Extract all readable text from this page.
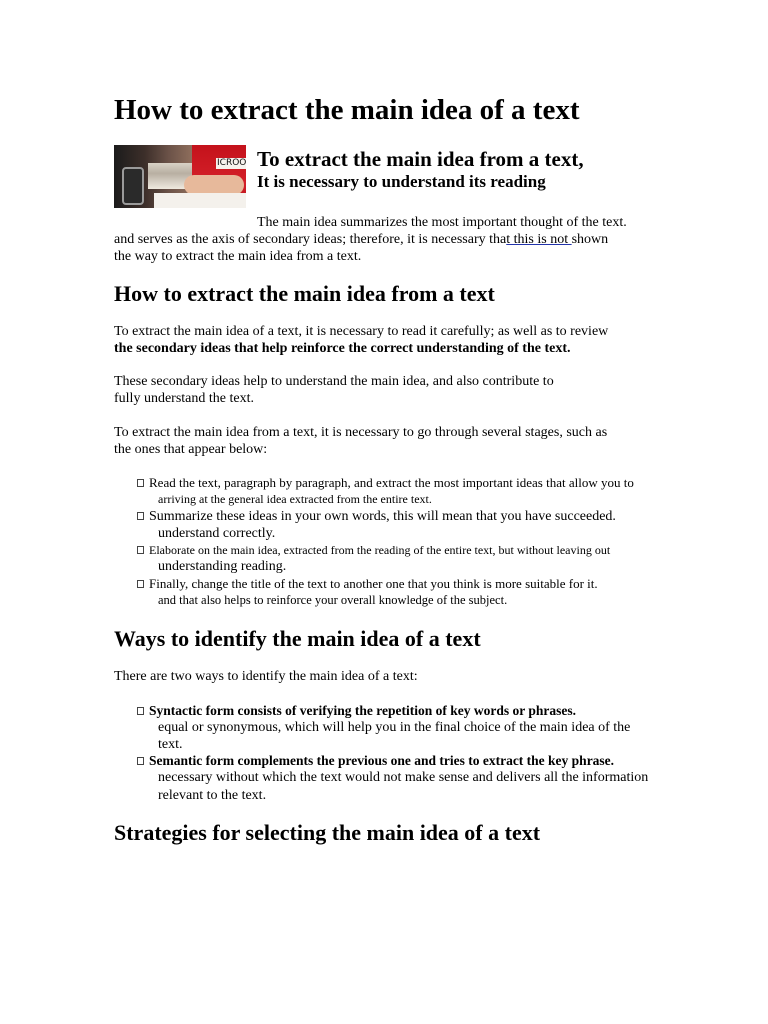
How to extract the main idea of a text
ICROO To extract the main idea from a text,
It is necessary to understand its reading
The main idea summarizes the most important thought of the text.
and serves as the axis of secondary ideas; therefore, it is necessary that this is not shown
the way to extract the main idea from a text.
How to extract the main idea from a text
To extract the main idea of a text, it is necessary to read it carefully; as well as to review
the secondary ideas that help reinforce the correct understanding of the text.
These secondary ideas help to understand the main idea, and also contribute to
fully understand the text.
To extract the main idea from a text, it is necessary to go through several stages, such as
the ones that appear below:
Read the text, paragraph by paragraph, and extract the most important ideas that allow you to
arriving at the general idea extracted from the entire text.
Summarize these ideas in your own words, this will mean that you have succeeded.
understand correctly.
Elaborate on the main idea, extracted from the reading of the entire text, but without leaving out
understanding reading.
Finally, change the title of the text to another one that you think is more suitable for it.
and that also helps to reinforce your overall knowledge of the subject.
Ways to identify the main idea of a text
There are two ways to identify the main idea of a text:
Syntactic form consists of verifying the repetition of key words or phrases.
equal or synonymous, which will help you in the final choice of the main idea of the
text.
Semantic form complements the previous one and tries to extract the key phrase.
necessary without which the text would not make sense and delivers all the information
relevant to the text.
Strategies for selecting the main idea of a text
